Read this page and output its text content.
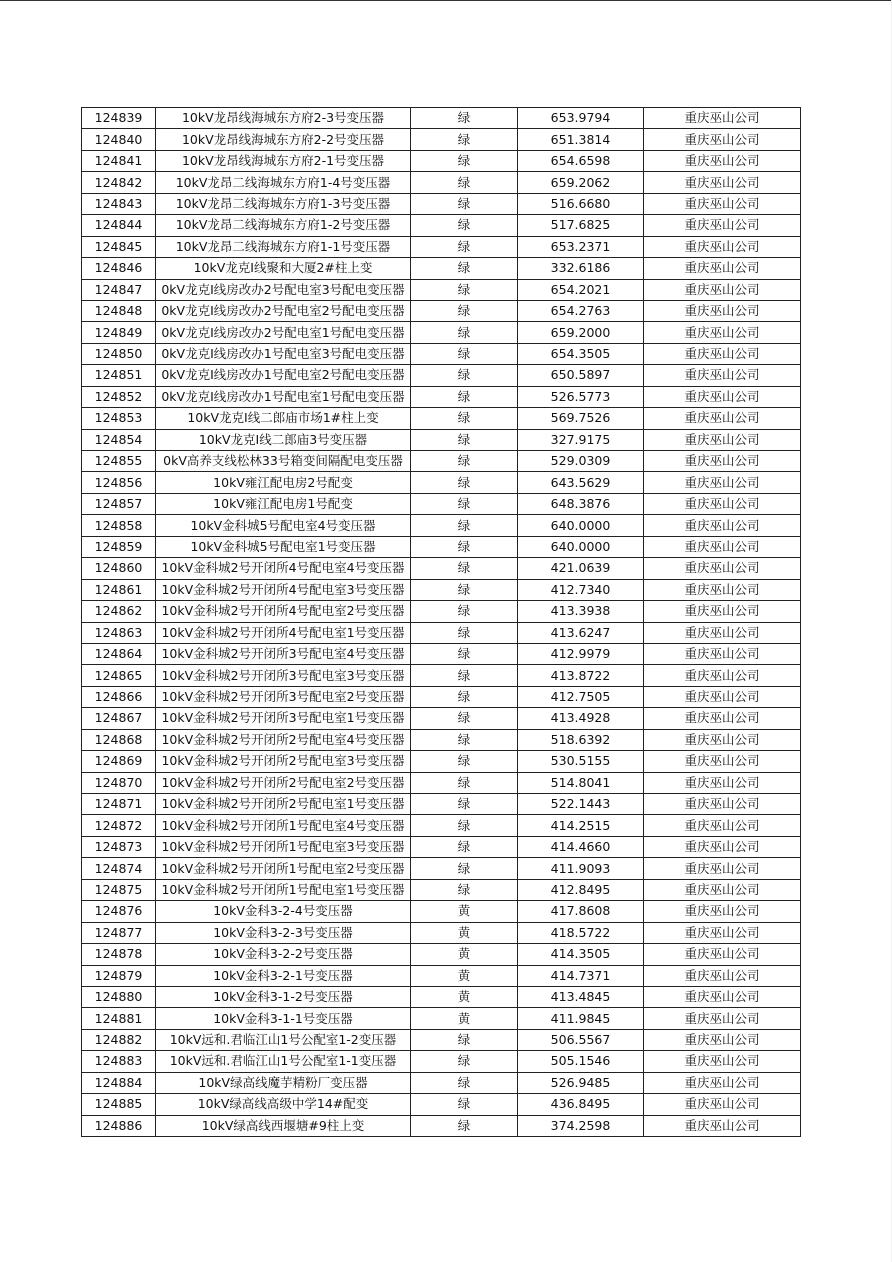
124839	10kV龙昂线海城东方府2-3号变压器	绿	653.9794	重庆巫山公司
124840	10kV龙昂线海城东方府2-2号变压器	绿	651.3814	重庆巫山公司
124841	10kV龙昂线海城东方府2-1号变压器	绿	654.6598	重庆巫山公司
124842	10kV龙昂二线海城东方府1-4号变压器	绿	659.2062	重庆巫山公司
124843	10kV龙昂二线海城东方府1-3号变压器	绿	516.6680	重庆巫山公司
124844	10kV龙昂二线海城东方府1-2号变压器	绿	517.6825	重庆巫山公司
124845	10kV龙昂二线海城东方府1-1号变压器	绿	653.2371	重庆巫山公司
124846	10kV龙克I线聚和大厦2#柱上变	绿	332.6186	重庆巫山公司
124847	0kV龙克I线房改办2号配电室3号配电变压器	绿	654.2021	重庆巫山公司
124848	0kV龙克I线房改办2号配电室2号配电变压器	绿	654.2763	重庆巫山公司
124849	0kV龙克I线房改办2号配电室1号配电变压器	绿	659.2000	重庆巫山公司
124850	0kV龙克I线房改办1号配电室3号配电变压器	绿	654.3505	重庆巫山公司
124851	0kV龙克I线房改办1号配电室2号配电变压器	绿	650.5897	重庆巫山公司
124852	0kV龙克I线房改办1号配电室1号配电变压器	绿	526.5773	重庆巫山公司
124853	10kV龙克I线二郎庙市场1#柱上变	绿	569.7526	重庆巫山公司
124854	10kV龙克I线二郎庙3号变压器	绿	327.9175	重庆巫山公司
124855	0kV高养支线松林33号箱变间隔配电变压器	绿	529.0309	重庆巫山公司
124856	10kV雍江配电房2号配变	绿	643.5629	重庆巫山公司
124857	10kV雍江配电房1号配变	绿	648.3876	重庆巫山公司
124858	10kV金科城5号配电室4号变压器	绿	640.0000	重庆巫山公司
124859	10kV金科城5号配电室1号变压器	绿	640.0000	重庆巫山公司
124860	10kV金科城2号开闭所4号配电室4号变压器	绿	421.0639	重庆巫山公司
124861	10kV金科城2号开闭所4号配电室3号变压器	绿	412.7340	重庆巫山公司
124862	10kV金科城2号开闭所4号配电室2号变压器	绿	413.3938	重庆巫山公司
124863	10kV金科城2号开闭所4号配电室1号变压器	绿	413.6247	重庆巫山公司
124864	10kV金科城2号开闭所3号配电室4号变压器	绿	412.9979	重庆巫山公司
124865	10kV金科城2号开闭所3号配电室3号变压器	绿	413.8722	重庆巫山公司
124866	10kV金科城2号开闭所3号配电室2号变压器	绿	412.7505	重庆巫山公司
124867	10kV金科城2号开闭所3号配电室1号变压器	绿	413.4928	重庆巫山公司
124868	10kV金科城2号开闭所2号配电室4号变压器	绿	518.6392	重庆巫山公司
124869	10kV金科城2号开闭所2号配电室3号变压器	绿	530.5155	重庆巫山公司
124870	10kV金科城2号开闭所2号配电室2号变压器	绿	514.8041	重庆巫山公司
124871	10kV金科城2号开闭所2号配电室1号变压器	绿	522.1443	重庆巫山公司
124872	10kV金科城2号开闭所1号配电室4号变压器	绿	414.2515	重庆巫山公司
124873	10kV金科城2号开闭所1号配电室3号变压器	绿	414.4660	重庆巫山公司
124874	10kV金科城2号开闭所1号配电室2号变压器	绿	411.9093	重庆巫山公司
124875	10kV金科城2号开闭所1号配电室1号变压器	绿	412.8495	重庆巫山公司
124876	10kV金科3-2-4号变压器	黄	417.8608	重庆巫山公司
124877	10kV金科3-2-3号变压器	黄	418.5722	重庆巫山公司
124878	10kV金科3-2-2号变压器	黄	414.3505	重庆巫山公司
124879	10kV金科3-2-1号变压器	黄	414.7371	重庆巫山公司
124880	10kV金科3-1-2号变压器	黄	413.4845	重庆巫山公司
124881	10kV金科3-1-1号变压器	黄	411.9845	重庆巫山公司
124882	10kV远和.君临江山1号公配室1-2变压器	绿	506.5567	重庆巫山公司
124883	10kV远和.君临江山1号公配室1-1变压器	绿	505.1546	重庆巫山公司
124884	10kV绿高线魔芋精粉厂变压器	绿	526.9485	重庆巫山公司
124885	10kV绿高线高级中学14#配变	绿	436.8495	重庆巫山公司
124886	10kV绿高线西堰塘#9柱上变	绿	374.2598	重庆巫山公司
